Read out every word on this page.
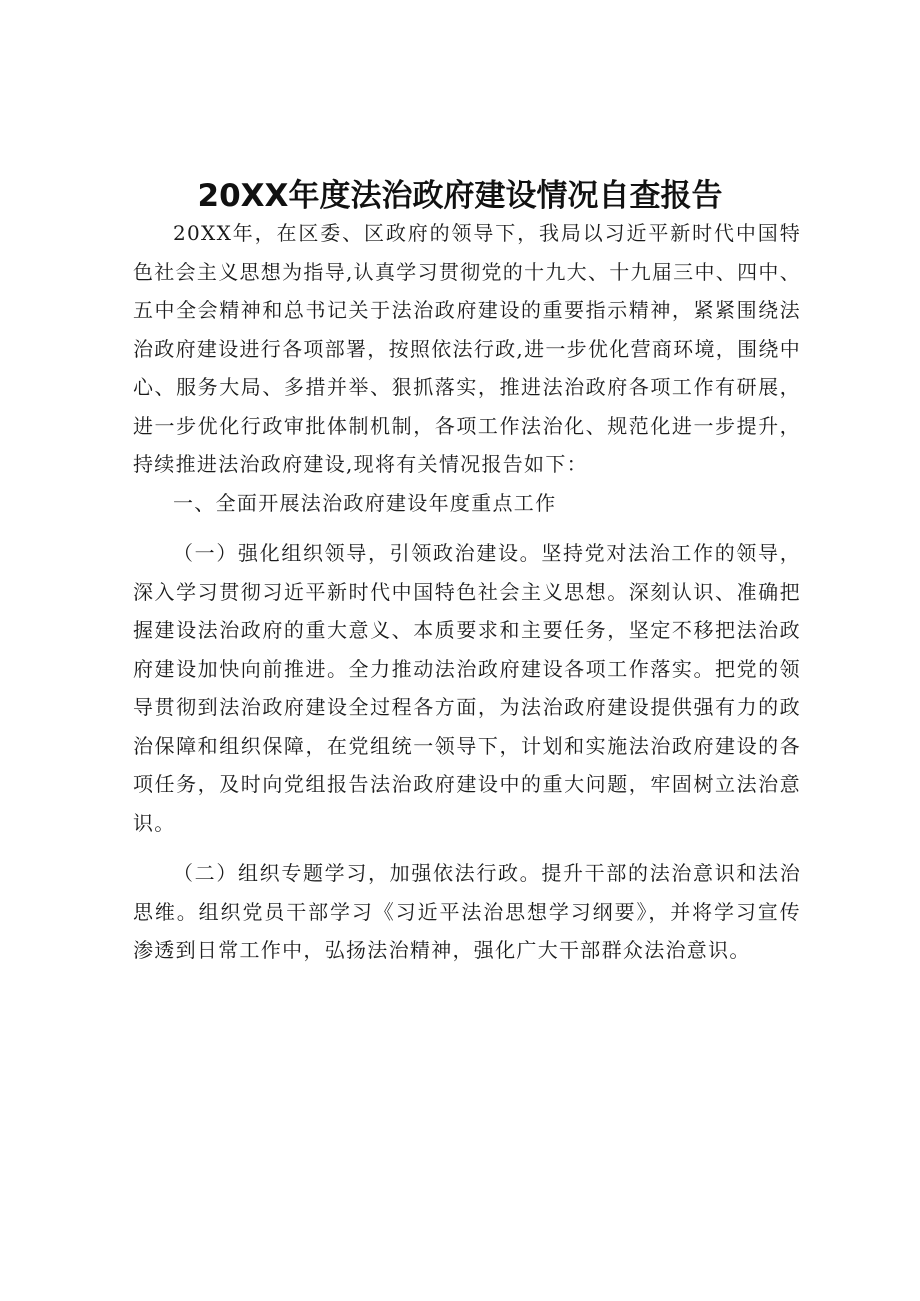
20XX年度法治政府建设情况自查报告

20XX年，在区委、区政府的领导下，我局以习近平新时代中国特色社会主义思想为指导,认真学习贯彻党的十九大、十九届三中、四中、五中全会精神和总书记关于法治政府建设的重要指示精神，紧紧围绕法治政府建设进行各项部署，按照依法行政,进一步优化营商环境，围绕中心、服务大局、多措并举、狠抓落实，推进法治政府各项工作有研展，进一步优化行政审批体制机制，各项工作法治化、规范化进一步提升，持续推进法治政府建设,现将有关情况报告如下：

一、全面开展法治政府建设年度重点工作

（一）强化组织领导，引领政治建设。坚持党对法治工作的领导，深入学习贯彻习近平新时代中国特色社会主义思想。深刻认识、准确把握建设法治政府的重大意义、本质要求和主要任务，坚定不移把法治政府建设加快向前推进。全力推动法治政府建设各项工作落实。把党的领导贯彻到法治政府建设全过程各方面，为法治政府建设提供强有力的政治保障和组织保障，在党组统一领导下，计划和实施法治政府建设的各项任务，及时向党组报告法治政府建设中的重大问题，牢固树立法治意识。

（二）组织专题学习，加强依法行政。提升干部的法治意识和法治思维。组织党员干部学习《习近平法治思想学习纲要》，并将学习宣传渗透到日常工作中，弘扬法治精神，强化广大干部群众法治意识。
